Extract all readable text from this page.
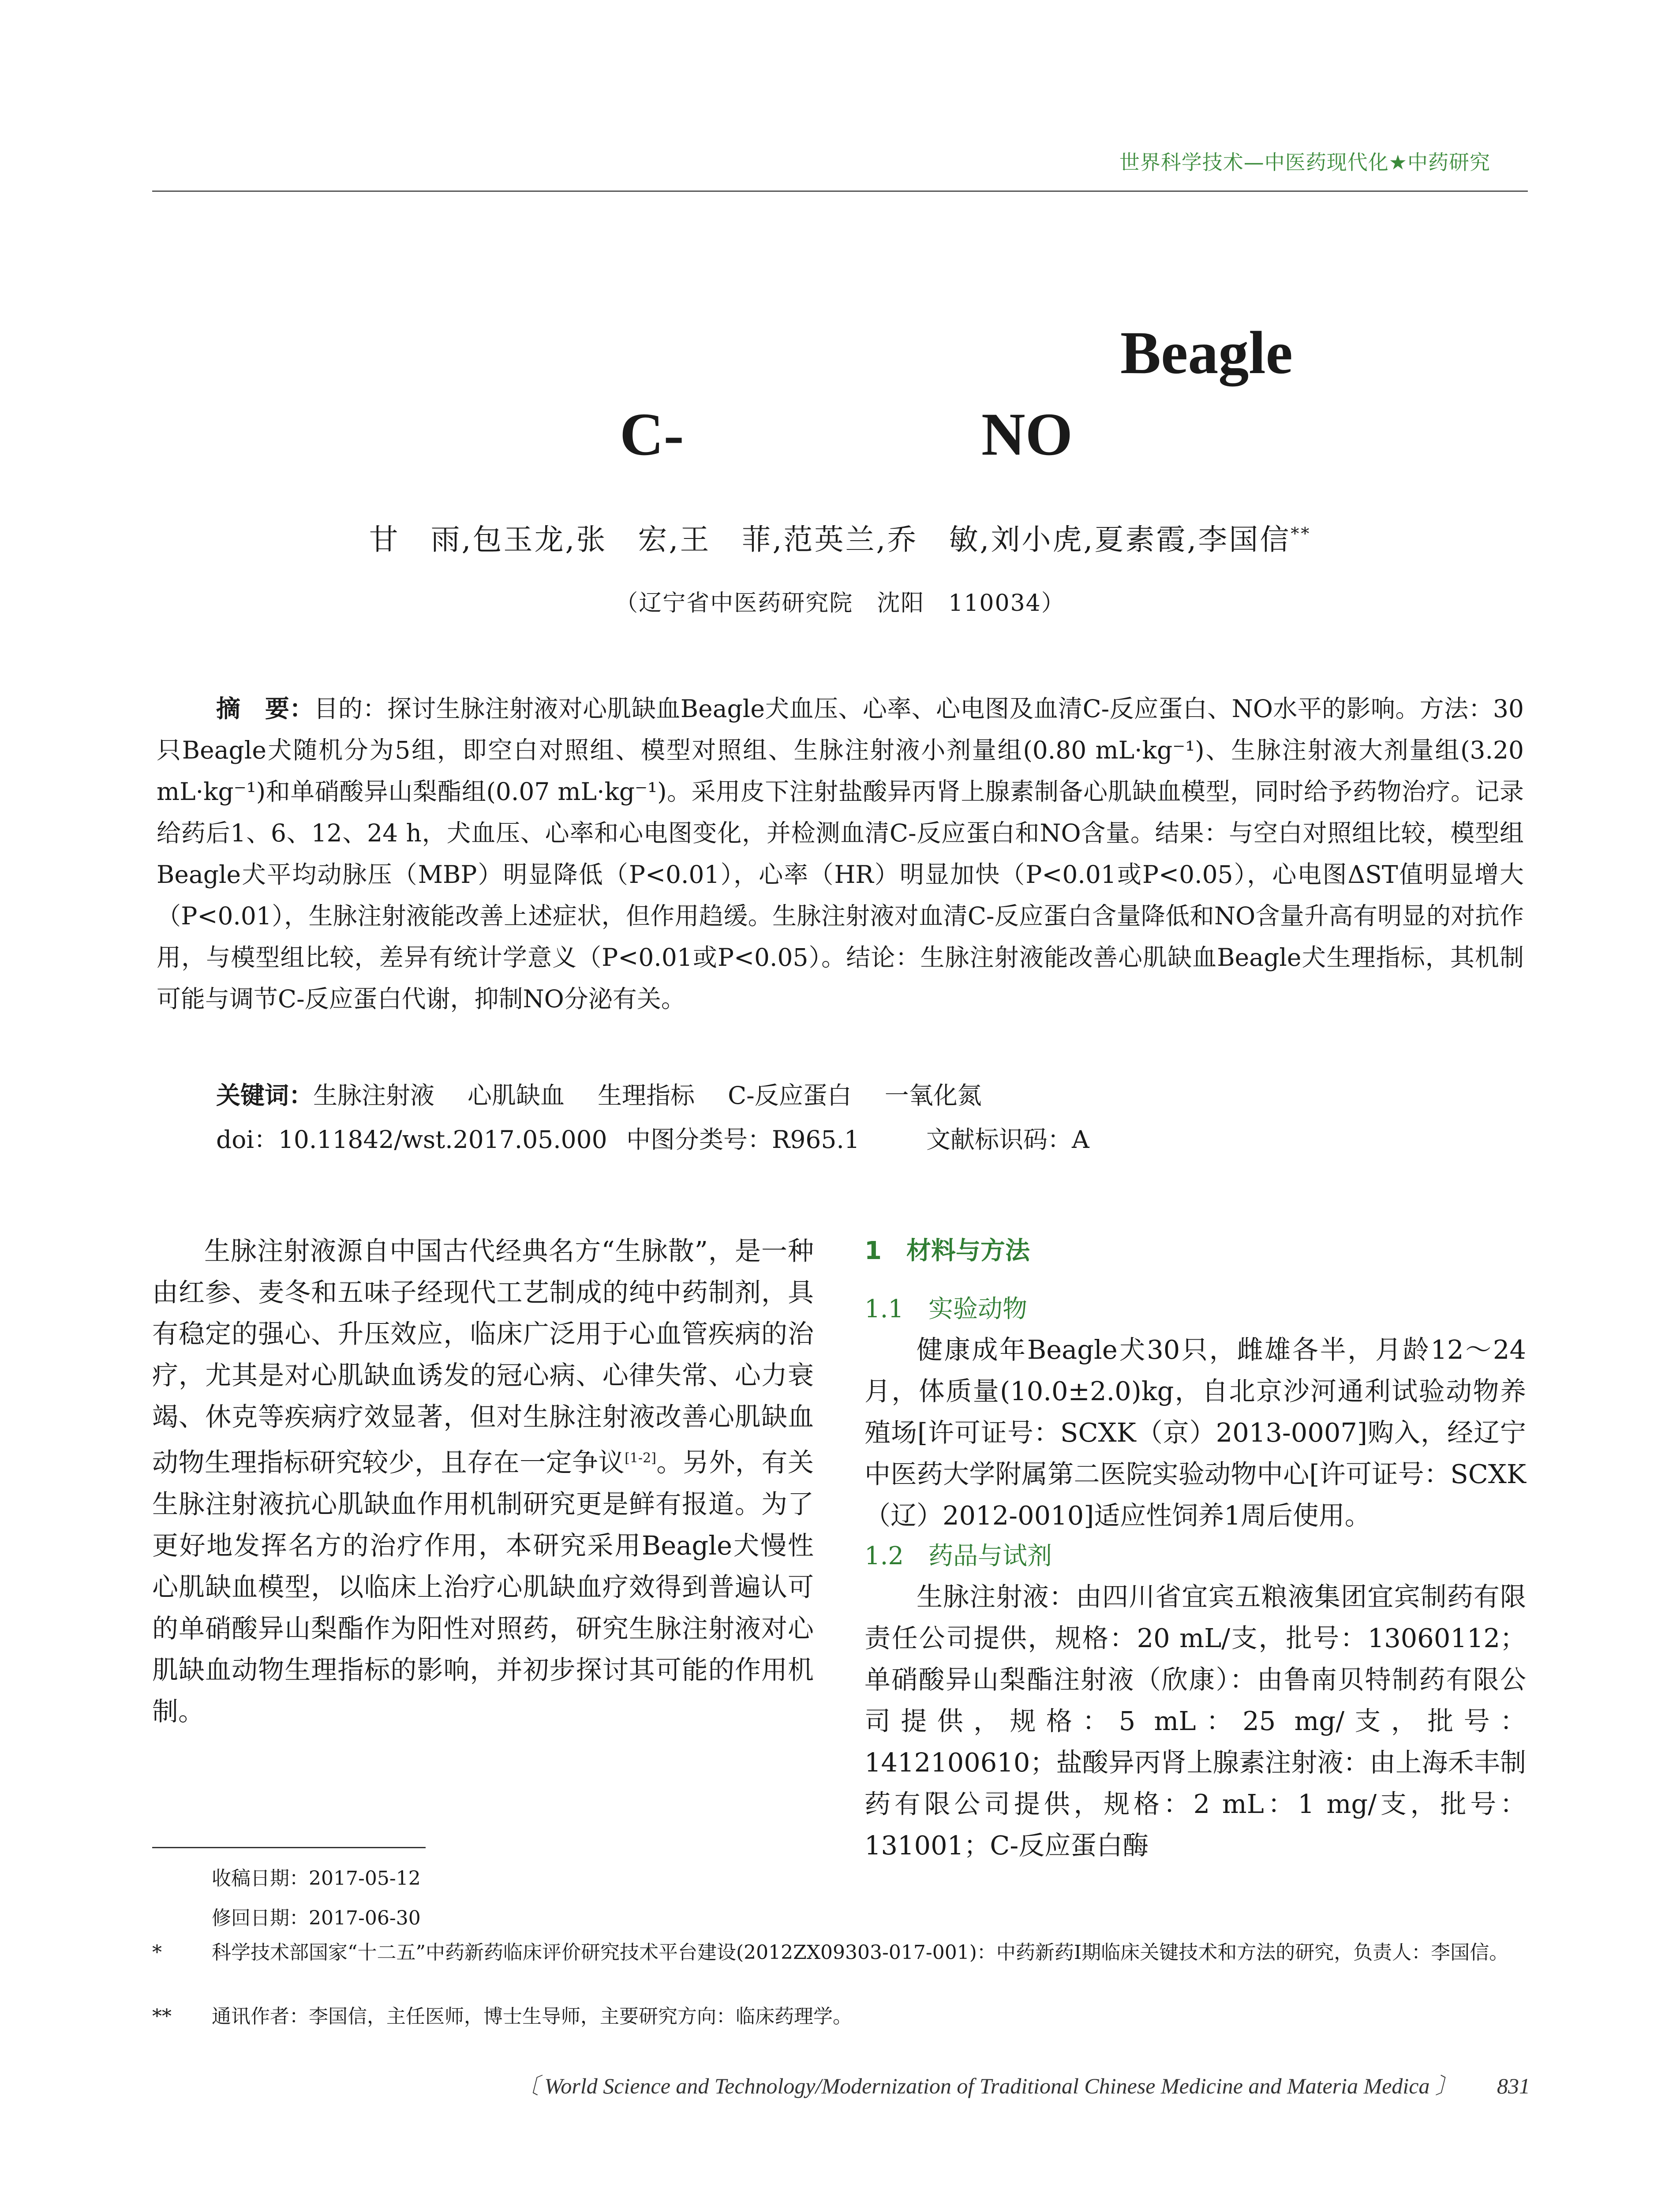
世界科学技术—中医药现代化★中药研究
Beagle
C-	NO
甘　雨,包玉龙,张　宏,王　菲,范英兰,乔　敏,刘小虎,夏素霞,李国信**
（辽宁省中医药研究院　沈阳　110034）
摘　要：目的：探讨生脉注射液对心肌缺血Beagle犬血压、心率、心电图及血清C-反应蛋白、NO水平的影响。方法：30只Beagle犬随机分为5组，即空白对照组、模型对照组、生脉注射液小剂量组(0.80 mL·kg⁻¹)、生脉注射液大剂量组(3.20 mL·kg⁻¹)和单硝酸异山梨酯组(0.07 mL·kg⁻¹)。采用皮下注射盐酸异丙肾上腺素制备心肌缺血模型，同时给予药物治疗。记录给药后1、6、12、24 h，犬血压、心率和心电图变化，并检测血清C-反应蛋白和NO含量。结果：与空白对照组比较，模型组Beagle犬平均动脉压（MBP）明显降低（P<0.01），心率（HR）明显加快（P<0.01或P<0.05），心电图ΔST值明显增大（P<0.01），生脉注射液能改善上述症状，但作用趋缓。生脉注射液对血清C-反应蛋白含量降低和NO含量升高有明显的对抗作用，与模型组比较，差异有统计学意义（P<0.01或P<0.05）。结论：生脉注射液能改善心肌缺血Beagle犬生理指标，其机制可能与调节C-反应蛋白代谢，抑制NO分泌有关。
关键词：生脉注射液 心肌缺血 生理指标 C-反应蛋白 一氧化氮
doi：10.11842/wst.2017.05.000 中图分类号：R965.1	文献标识码：A
生脉注射液源自中国古代经典名方“生脉散”，是一种由红参、麦冬和五味子经现代工艺制成的纯中药制剂，具有稳定的强心、升压效应，临床广泛用于心血管疾病的治疗，尤其是对心肌缺血诱发的冠心病、心律失常、心力衰竭、休克等疾病疗效显著，但对生脉注射液改善心肌缺血动物生理指标研究较少，且存在一定争议[1-2]。另外，有关生脉注射液抗心肌缺血作用机制研究更是鲜有报道。为了更好地发挥名方的治疗作用，本研究采用Beagle犬慢性心肌缺血模型，以临床上治疗心肌缺血疗效得到普遍认可的单硝酸异山梨酯作为阳性对照药，研究生脉注射液对心肌缺血动物生理指标的影响，并初步探讨其可能的作用机制。
1　材料与方法
1.1　实验动物
健康成年Beagle犬30只，雌雄各半，月龄12～24月，体质量(10.0±2.0)kg，自北京沙河通利试验动物养殖场[许可证号：SCXK（京）2013-0007]购入，经辽宁中医药大学附属第二医院实验动物中心[许可证号：SCXK（辽）2012-0010]适应性饲养1周后使用。
1.2　药品与试剂
生脉注射液：由四川省宜宾五粮液集团宜宾制药有限责任公司提供，规格：20 mL/支，批号：13060112；单硝酸异山梨酯注射液（欣康）：由鲁南贝特制药有限公司提供，规格：5 mL：25 mg/支，批号：1412100610；盐酸异丙肾上腺素注射液：由上海禾丰制药有限公司提供，规格：2 mL：1 mg/支，批号：131001；C-反应蛋白酶
收稿日期：2017-05-12
修回日期：2017-06-30
*	科学技术部国家“十二五”中药新药临床评价研究技术平台建设(2012ZX09303-017-001)：中药新药Ⅰ期临床关键技术和方法的研究，负责人：李国信。
** 通讯作者：李国信，主任医师，博士生导师，主要研究方向：临床药理学。
〔 World Science and Technology/Modernization of Traditional Chinese Medicine and Materia Medica 〕 831
